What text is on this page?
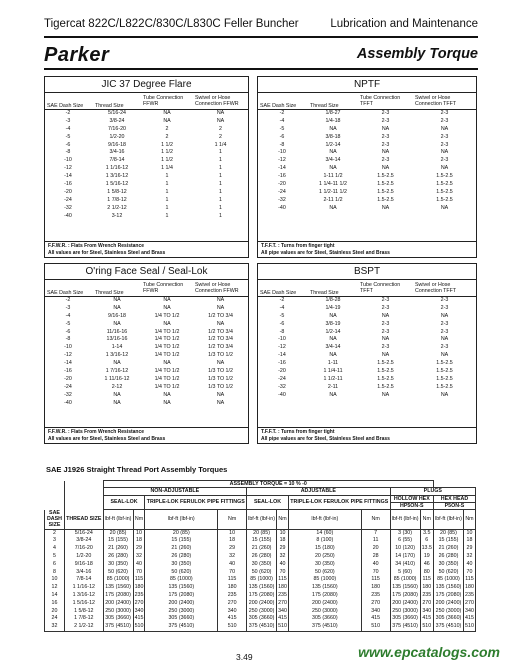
Tigercat 822C/L822C/830C/L830C Feller Buncher	Lubrication and Maintenance
Parker	Assembly Torque
JIC 37 Degree Flare
SAE Dash Size	Thread Size
Tube Connection FFWR
Swivel or Hose Connection FFWR
-2	5/16-24	NA	NA
-3	3/8-24	NA	NA
-4	7/16-20	2	2
-5	1/2-20	2	2
-6	9/16-18	1 1/2	1 1/4
-8	3/4-16	1 1/2	1
-10	7/8-14	1 1/2	1
-12	1 1/16-12	1 1/4	1
-14	1 3/16-12	1	1
-16	1 5/16-12	1	1
-20	1 5/8-12	1	1
-24	1 7/8-12	1	1
-32	2 1/2-12	1	1
-40	3-12	1	1
F.F.W.R. : Flats From Wrench Resistance
All values are for Steel, Stainless Steel and Brass
NPTF
SAE Dash Size	Thread Size
Tube Connection TFFT
Swivel or Hose Connection TFFT
-2	1/8-27	2-3	2-3
-4	1/4-18	2-3	2-3
-5	NA	NA	NA
-6	3/8-18	2-3	2-3
-8	1/2-14	2-3	2-3
-10	NA	NA	NA
-12	3/4-14	2-3	2-3
-14	NA	NA	NA
-16	1-11 1/2	1.5-2.5	1.5-2.5
-20	1 1/4-11 1/2	1.5-2.5	1.5-2.5
-24	1 1/2-11 1/2	1.5-2.5	1.5-2.5
-32	2-11 1/2	1.5-2.5	1.5-2.5
-40	NA	NA	NA
T.F.F.T. : Turns from finger tight
All pipe values are for Steel, Stainless Steel and Brass
O'ring Face Seal / Seal-Lok
SAE Dash Size	Thread Size
Tube Connection FFWR
Swivel or Hose Connection FFWR
-2	NA	NA	NA
-3	NA	NA	NA
-4	9/16-18	1/4 TO 1/2	1/2 TO 3/4
-5	NA	NA	NA
-6	11/16-16	1/4 TO 1/2	1/2 TO 3/4
-8	13/16-16	1/4 TO 1/2	1/2 TO 3/4
-10	1-14	1/4 TO 1/2	1/2 TO 3/4
-12	1 3/16-12	1/4 TO 1/2	1/3 TO 1/2
-14	NA	NA	NA
-16	1 7/16-12	1/4 TO 1/2	1/3 TO 1/2
-20	1 11/16-12	1/4 TO 1/2	1/3 TO 1/2
-24	2-12	1/4 TO 1/2	1/3 TO 1/2
-32	NA	NA	NA
-40	NA	NA	NA
F.F.W.R. : Flats From Wrench Resistance
All values are for Steel, Stainless Steel and Brass
BSPT
SAE Dash Size	Thread Size
Tube Connection TFFT
Swivel or Hose Connection TFFT
-2	1/8-28	2-3	2-3
-4	1/4-19	2-3	2-3
-5	NA	NA	NA
-6	3/8-19	2-3	2-3
-8	1/2-14	2-3	2-3
-10	NA	NA	NA
-12	3/4-14	2-3	2-3
-14	NA	NA	NA
-16	1-11	1.5-2.5	1.5-2.5
-20	1 1/4-11	1.5-2.5	1.5-2.5
-24	1 1/2-11	1.5-2.5	1.5-2.5
-32	2-11	1.5-2.5	1.5-2.5
-40	NA	NA	NA
T.F.F.T. : Turns from finger tight
All pipe values are for Steel, Stainless Steel and Brass
SAE J1926 Straight Thread Port Assembly Torques
		ASSEMBLY TORQUE = 10 % -0											
		NON-ADJUSTABLE				ADJUSTABLE				PLUGS			
		SEAL-LOK		TRIPLE-LOK FERULOK PIPE FITTINGS		SEAL-LOK		TRIPLE-LOK FERULOK PIPE FITTINGS		HOLLOW HEX		HEX HEAD	
										HP5ON-S		P5ON-S	
SAE DASH SIZE	THREAD SIZE	lbf-ft (lbf-in)	Nm	lbf-ft (lbf-in)	Nm	lbf-ft (lbf-in)	Nm	lbf-ft (lbf-in)	Nm	lbf-ft (lbf-in)	Nm	lbf-ft (lbf-in)	Nm
2	5/16-24	20 (85)	10	20 (85)	10	20 (85)	10	14 (60)	7	3 (30)	3.5	20 (85)	10
3	3/8-24	15 (155)	18	15 (155)	18	15 (155)	18	8 (100)	11	6 (55)	6	15 (155)	18
4	7/16-20	21 (260)	29	21 (260)	29	21 (260)	29	15 (180)	20	10 (120)	13.5	21 (260)	29
5	1/2-20	26 (280)	32	26 (280)	32	26 (280)	32	20 (250)	28	14 (170)	19	26 (280)	32
6	9/16-18	30 (350)	40	30 (350)	40	30 (350)	40	30 (350)	40	34 (410)	46	30 (350)	40
8	3/4-16	50 (620)	70	50 (620)	70	50 (620)	70	50 (620)	70	5 (60)	80	50 (620)	70
10	7/8-14	85 (1000)	115	85 (1000)	115	85 (1000)	115	85 (1000)	115	85 (1000)	115	85 (1000)	115
12	1 1/16-12	135 (1560)	180	135 (1560)	180	135 (1560)	180	135 (1560)	180	135 (1560)	180	135 (1560)	180
14	1 3/16-12	175 (2080)	235	175 (2080)	235	175 (2080)	235	175 (2080)	235	175 (2080)	235	175 (2080)	235
16	1 5/16-12	200 (2400)	270	200 (2400)	270	200 (2400)	270	200 (2400)	270	200 (2400)	270	200 (2400)	270
20	1 5/8-12	250 (3000)	340	250 (3000)	340	250 (3000)	340	250 (3000)	340	250 (3000)	340	250 (3000)	340
24	1 7/8-12	305 (3660)	415	305 (3660)	415	305 (3660)	415	305 (3660)	415	305 (3660)	415	305 (3660)	415
32	2 1/2-12	375 (4510)	510	375 (4510)	510	375 (4510)	510	375 (4510)	510	375 (4510)	510	375 (4510)	510
3.49	www.epcatalogs.com
